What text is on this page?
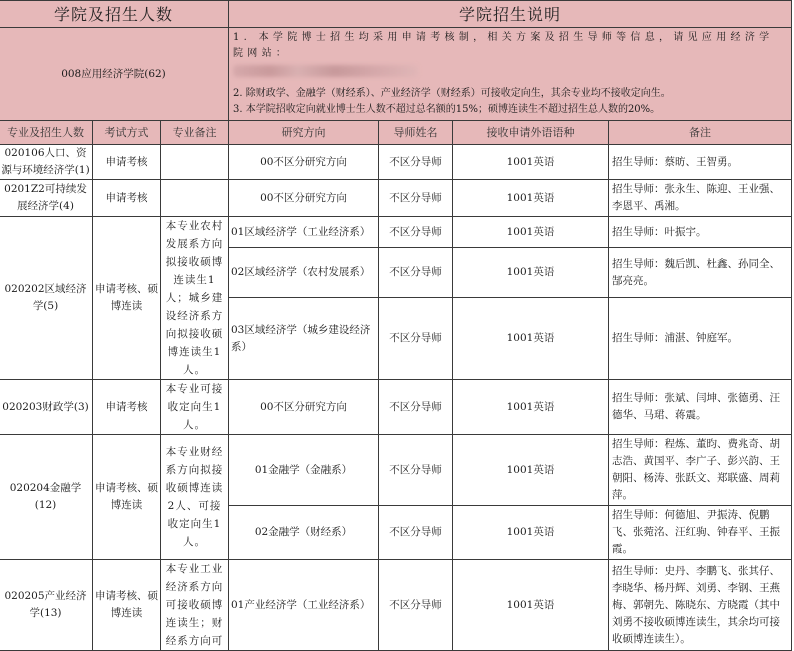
学院及招生人数			学院招生说明			
008应用经济学院(62)			1. 本学院博士招生均采用申请考核制，相关方案及招生导师等信息，请见应用经济学院网站：
2. 除财政学、金融学（财经系）、产业经济学（财经系）可接收定向生，其余专业均不接收定向生。
3. 本学院招收定向就业博士生人数不超过总名额的15%；硕博连读生不超过招生总人数的20%。			

专业及招生人数	考试方式	专业备注	研究方向	导师姓名	接收申请外语语种	备注
020106人口、资源与环境经济学(1)	申请考核		00不区分研究方向	不区分导师	1001英语	招生导师：蔡昉、王智勇。
0201Z2可持续发展经济学(4)	申请考核		00不区分研究方向	不区分导师	1001英语	招生导师：张永生、陈迎、王业强、李恩平、禹湘。
020202区域经济学(5)	申请考核、硕博连读	本专业农村发展系方向拟接收硕博连读生1人；城乡建设经济系方向拟接收硕博连读生1人。	01区域经济学（工业经济系）	不区分导师	1001英语	招生导师：叶振宇。
			02区域经济学（农村发展系）	不区分导师	1001英语	招生导师：魏后凯、杜鑫、孙同全、郜亮亮。
			03区域经济学（城乡建设经济系）	不区分导师	1001英语	招生导师：浦湛、钟庭军。
020203财政学(3)	申请考核	本专业可接收定向生1人。	00不区分研究方向	不区分导师	1001英语	招生导师：张斌、闫坤、张德勇、汪德华、马珺、蒋震。
020204金融学(12)	申请考核、硕博连读	本专业财经系方向拟接收硕博连读2人、可接收定向生1人。	01金融学（金融系）	不区分导师	1001英语	招生导师：程炼、董昀、费兆奇、胡志浩、黄国平、李广子、彭兴韵、王朝阳、杨涛、张跃文、郑联盛、周莉萍。
			02金融学（财经系）	不区分导师	1001英语	招生导师：何德旭、尹振涛、倪鹏飞、张菀洺、汪红驹、钟春平、王振霞。
020205产业经济学(13)	申请考核、硕博连读	本专业工业经济系方向可接收硕博连读生；财经系方向可	01产业经济学（工业经济系）	不区分导师	1001英语	招生导师：史丹、李鹏飞、张其仔、李晓华、杨丹辉、刘勇、李钢、王燕梅、郭朝先、陈晓东、方晓霞（其中刘勇不接收硕博连读生，其余均可接收硕博连读生）。
